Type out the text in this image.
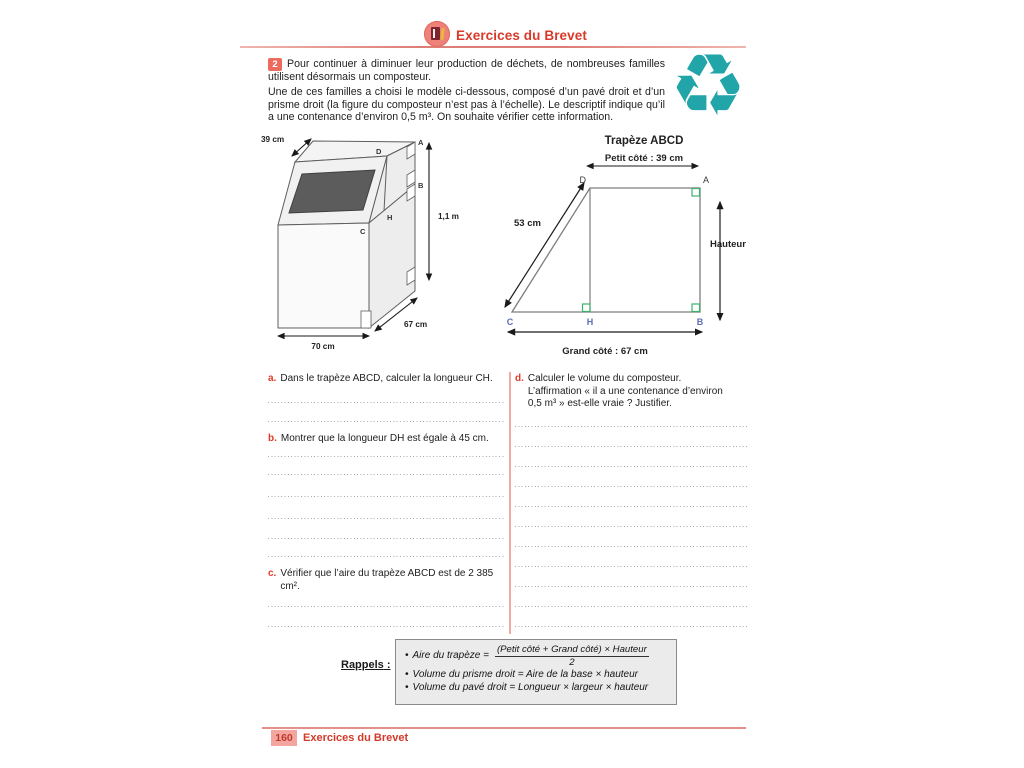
Exercices du Brevet

2 Pour continuer à diminuer leur production de déchets, de nombreuses familles utilisent désormais un composteur.

Une de ces familles a choisi le modèle ci-dessous, composé d’un pavé droit et d’un prisme droit (la figure du composteur n’est pas à l’échelle). Le descriptif indique qu’il a une contenance d’environ 0,5 m³. On souhaite vérifier cette information. ♻
A
B
C
D
H
39 cm
1,1 m
67 cm
70 cm
Trapèze ABCD
Petit côté : 39 cm
53 cm
Hauteur
Grand côté : 67 cm
D	A
C	H	B
a. Dans le trapèze ABCD, calculer la longueur CH.
b. Montrer que la longueur DH est égale à 45 cm.
c. Vérifier que l’aire du trapèze ABCD est de 2 385 cm².
d. Calculer le volume du composteur.
L’affirmation « il a une contenance d’environ
0,5 m³ » est-elle vraie ? Justifier.
Rappels :
• Aire du trapèze = $\frac{\text{(Petit côté + Grand côté) × Hauteur}}{2}$
• Volume du prisme droit = Aire de la base × hauteur
• Volume du pavé droit = Longueur × largeur × hauteur
160 Exercices du Brevet
